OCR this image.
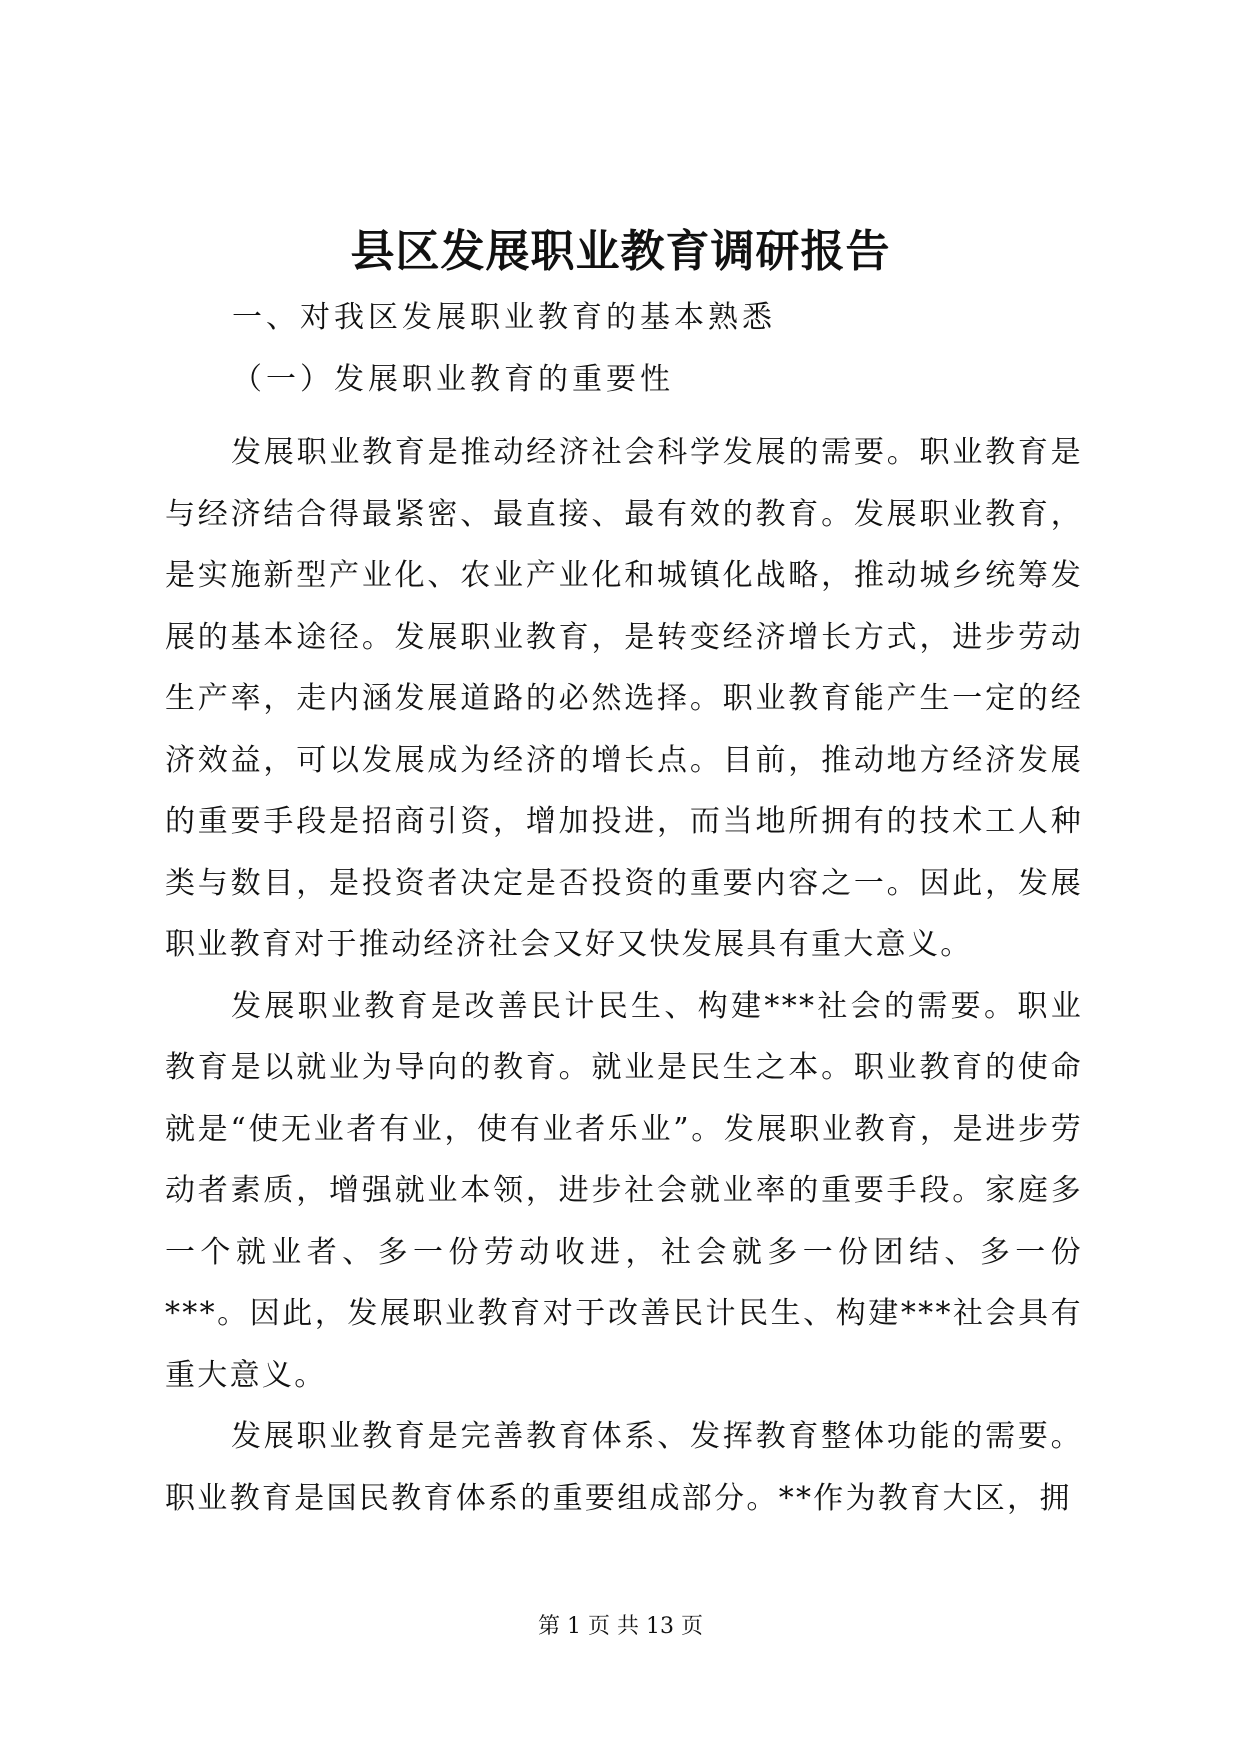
县区发展职业教育调研报告
一、对我区发展职业教育的基本熟悉
（一）发展职业教育的重要性

发展职业教育是推动经济社会科学发展的需要。职业教育是与经济结合得最紧密、最直接、最有效的教育。发展职业教育，是实施新型产业化、农业产业化和城镇化战略，推动城乡统筹发展的基本途径。发展职业教育，是转变经济增长方式，进步劳动生产率，走内涵发展道路的必然选择。职业教育能产生一定的经济效益，可以发展成为经济的增长点。目前，推动地方经济发展的重要手段是招商引资，增加投进，而当地所拥有的技术工人种类与数目，是投资者决定是否投资的重要内容之一。因此，发展职业教育对于推动经济社会又好又快发展具有重大意义。

发展职业教育是改善民计民生、构建***社会的需要。职业教育是以就业为导向的教育。就业是民生之本。职业教育的使命就是“使无业者有业，使有业者乐业”。发展职业教育，是进步劳动者素质，增强就业本领，进步社会就业率的重要手段。家庭多一个就业者、多一份劳动收进，社会就多一份团结、多一份***。因此，发展职业教育对于改善民计民生、构建***社会具有重大意义。

发展职业教育是完善教育体系、发挥教育整体功能的需要。职业教育是国民教育体系的重要组成部分。**作为教育大区，拥

第 1 页 共 13 页
